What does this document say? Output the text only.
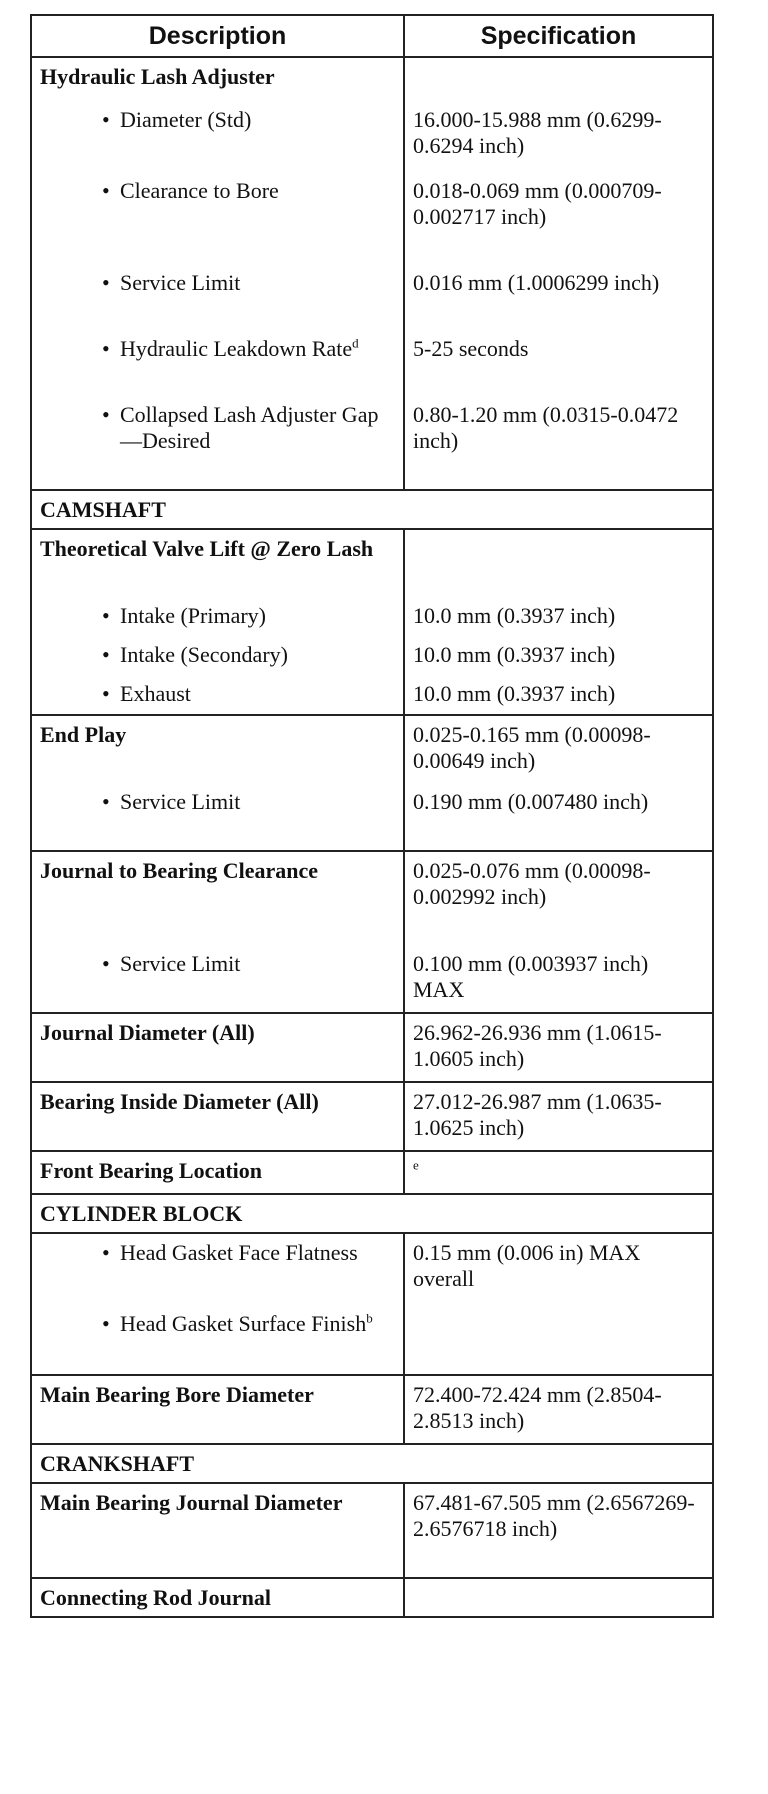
Description	Specification
Hydraulic Lash Adjuster	

• Diameter (Std)	16.000-15.988 mm (0.6299-0.6294 inch)

• Clearance to Bore	0.018-0.069 mm (0.000709-0.002717 inch)

• Service Limit	0.016 mm (1.0006299 inch)

• Hydraulic Leakdown Rate$^d$	5-25 seconds

• Collapsed Lash Adjuster Gap—Desired	0.80-1.20 mm (0.0315-0.0472 inch)
CAMSHAFT	
Theoretical Valve Lift @ Zero Lash	

• Intake (Primary)	10.0 mm (0.3937 inch)

• Intake (Secondary)	10.0 mm (0.3937 inch)

• Exhaust	10.0 mm (0.3937 inch)
End Play	0.025-0.165 mm (0.00098-0.00649 inch)

• Service Limit	0.190 mm (0.007480 inch)
Journal to Bearing Clearance	0.025-0.076 mm (0.00098-0.002992 inch)

• Service Limit	0.100 mm (0.003937 inch) MAX
Journal Diameter (All)	26.962-26.936 mm (1.0615-1.0605 inch)
Bearing Inside Diameter (All)	27.012-26.987 mm (1.0635-1.0625 inch)
Front Bearing Location	$^e$
CYLINDER BLOCK	

• Head Gasket Face Flatness	0.15 mm (0.006 in) MAX overall

• Head Gasket Surface Finish$^b$	
Main Bearing Bore Diameter	72.400-72.424 mm (2.8504-2.8513 inch)
CRANKSHAFT	
Main Bearing Journal Diameter	67.481-67.505 mm (2.6567269-2.6576718 inch)
Connecting Rod Journal	
